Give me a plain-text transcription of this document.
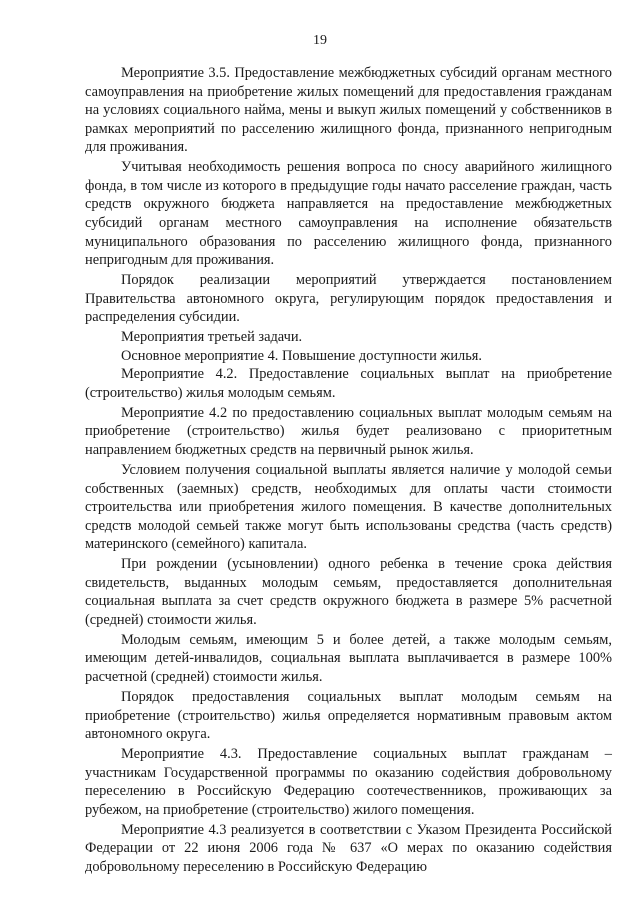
19

Мероприятие 3.5. Предоставление межбюджетных субсидий органам местного самоуправления на приобретение жилых помещений для предоставления гражданам на условиях социального найма, мены и выкуп жилых помещений у собственников в рамках мероприятий по расселению жилищного фонда, признанного непригодным для проживания.

Учитывая необходимость решения вопроса по сносу аварийного жилищного фонда, в том числе из которого в предыдущие годы начато расселение граждан, часть средств окружного бюджета направляется на предоставление межбюджетных субсидий органам местного самоуправления на исполнение обязательств муниципального образования по расселению жилищного фонда, признанного непригодным для проживания.

Порядок реализации мероприятий утверждается постановлением Правительства автономного округа, регулирующим порядок предоставления и распределения субсидии.

Мероприятия третьей задачи.

Основное мероприятие 4. Повышение доступности жилья.

Мероприятие 4.2. Предоставление социальных выплат на приобретение (строительство) жилья молодым семьям.

Мероприятие 4.2 по предоставлению социальных выплат молодым семьям на приобретение (строительство) жилья будет реализовано с приоритетным направлением бюджетных средств на первичный рынок жилья.

Условием получения социальной выплаты является наличие у молодой семьи собственных (заемных) средств, необходимых для оплаты части стоимости строительства или приобретения жилого помещения. В качестве дополнительных средств молодой семьей также могут быть использованы средства (часть средств) материнского (семейного) капитала.

При рождении (усыновлении) одного ребенка в течение срока действия свидетельств, выданных молодым семьям, предоставляется дополнительная социальная выплата за счет средств окружного бюджета в размере 5% расчетной (средней) стоимости жилья.

Молодым семьям, имеющим 5 и более детей, а также молодым семьям, имеющим детей-инвалидов, социальная выплата выплачивается в размере 100% расчетной (средней) стоимости жилья.

Порядок предоставления социальных выплат молодым семьям на приобретение (строительство) жилья определяется нормативным правовым актом автономного округа.

Мероприятие 4.3. Предоставление социальных выплат гражданам – участникам Государственной программы по оказанию содействия добровольному переселению в Российскую Федерацию соотечественников, проживающих за рубежом, на приобретение (строительство) жилого помещения.

Мероприятие 4.3 реализуется в соответствии с Указом Президента Российской Федерации от 22 июня 2006 года № 637 «О мерах по оказанию содействия добровольному переселению в Российскую Федерацию
